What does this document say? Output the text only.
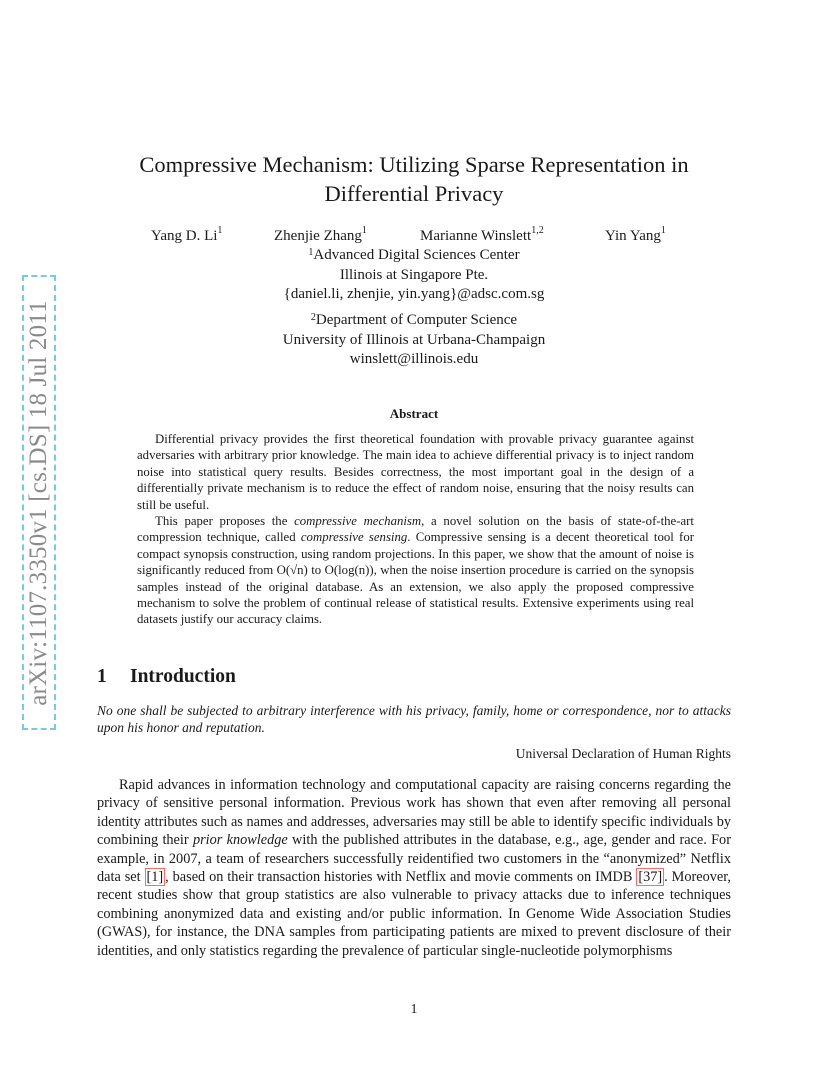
arXiv:1107.3350v1 [cs.DS] 18 Jul 2011
Compressive Mechanism: Utilizing Sparse Representation in
Differential Privacy
Yang D. Li$^1$	Zhenjie Zhang$^1$	Marianne Winslett$^{1,2}$	Yin Yang$^1$
$^1$Advanced Digital Sciences Center
Illinois at Singapore Pte.
{daniel.li, zhenjie, yin.yang}@adsc.com.sg
$^2$Department of Computer Science
University of Illinois at Urbana-Champaign
winslett@illinois.edu
Abstract

Differential privacy provides the first theoretical foundation with provable privacy guarantee against adversaries with arbitrary prior knowledge. The main idea to achieve differential privacy is to inject random noise into statistical query results. Besides correctness, the most important goal in the design of a differentially private mechanism is to reduce the effect of random noise, ensuring that the noisy results can still be useful.

This paper proposes the compressive mechanism, a novel solution on the basis of state-of-the-art compression technique, called compressive sensing. Compressive sensing is a decent theoretical tool for compact synopsis construction, using random projections. In this paper, we show that the amount of noise is significantly reduced from O(√n) to O(log(n)), when the noise insertion procedure is carried on the synopsis samples instead of the original database. As an extension, we also apply the proposed compressive mechanism to solve the problem of continual release of statistical results. Extensive experiments using real datasets justify our accuracy claims.

1 Introduction
No one shall be subjected to arbitrary interference with his privacy, family, home or correspondence, nor to attacks upon his honor and reputation.
Universal Declaration of Human Rights

Rapid advances in information technology and computational capacity are raising concerns regarding the privacy of sensitive personal information. Previous work has shown that even after removing all personal identity attributes such as names and addresses, adversaries may still be able to identify specific individuals by combining their prior knowledge with the published attributes in the database, e.g., age, gender and race. For example, in 2007, a team of researchers successfully reidentified two customers in the “anonymized” Netflix data set [1] , based on their transaction histories with Netflix and movie comments on IMDB [37] . Moreover, recent studies show that group statistics are also vulnerable to privacy attacks due to inference techniques combining anonymized data and existing and/or public information. In Genome Wide Association Studies (GWAS), for instance, the DNA samples from participating patients are mixed to prevent disclosure of their identities, and only statistics regarding the prevalence of particular single-nucleotide polymorphisms

1
